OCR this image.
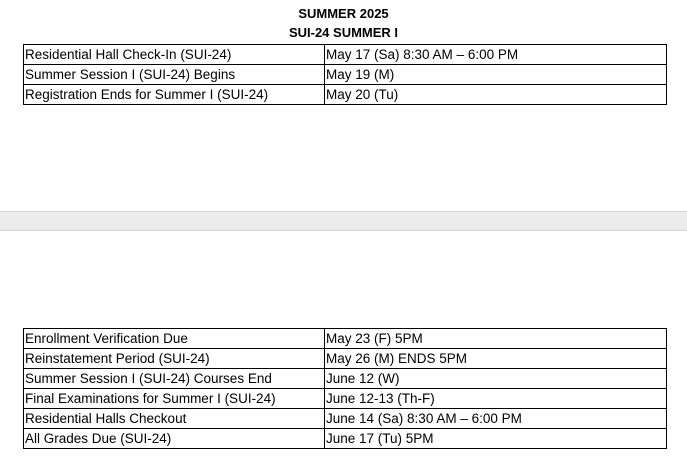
SUMMER 2025
SUI-24 SUMMER I
Residential Hall Check-In (SUI-24)	May 17 (Sa) 8:30 AM – 6:00 PM
Summer Session I (SUI-24) Begins	May 19 (M)
Registration Ends for Summer I (SUI-24)	May 20 (Tu)
Enrollment Verification Due	May 23 (F) 5PM
Reinstatement Period (SUI-24)	May 26 (M) ENDS 5PM
Summer Session I (SUI-24) Courses End	June 12 (W)
Final Examinations for Summer I (SUI-24)	June 12-13 (Th-F)
Residential Halls Checkout	June 14 (Sa) 8:30 AM – 6:00 PM
All Grades Due (SUI-24)	June 17 (Tu) 5PM
